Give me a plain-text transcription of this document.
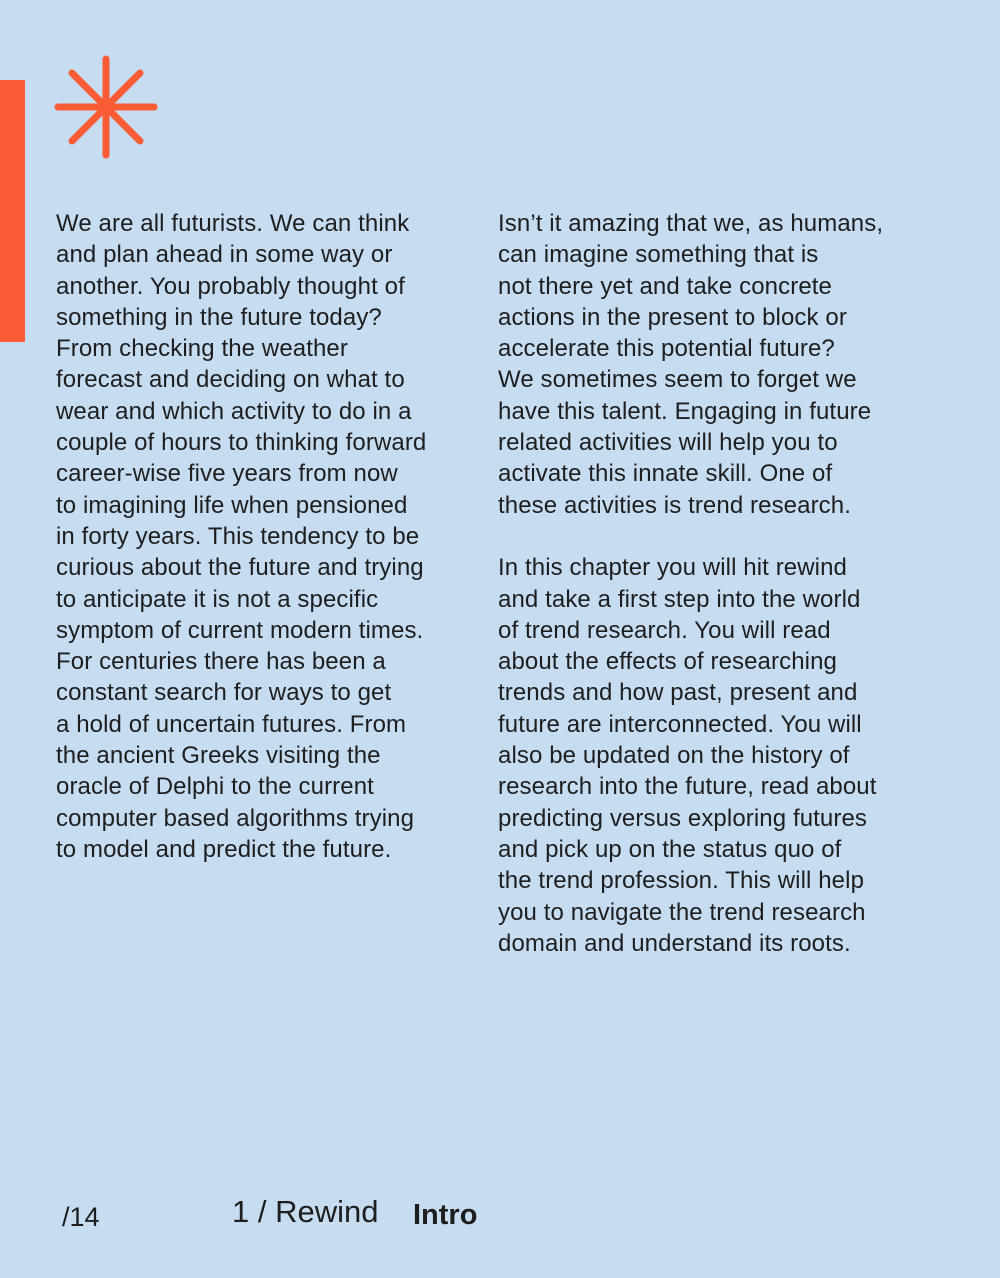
We are all futurists. We can think
and plan ahead in some way or
another. You probably thought of
something in the future today?
From checking the weather
forecast and deciding on what to
wear and which activity to do in a
couple of hours to thinking forward
career-wise five years from now
to imagining life when pensioned
in forty years. This tendency to be
curious about the future and trying
to anticipate it is not a specific
symptom of current modern times.
For centuries there has been a
constant search for ways to get
a hold of uncertain futures. From
the ancient Greeks visiting the
oracle of Delphi to the current
computer based algorithms trying
to model and predict the future.

Isn’t it amazing that we, as humans,
can imagine something that is
not there yet and take concrete
actions in the present to block or
accelerate this potential future?
We sometimes seem to forget we
have this talent. Engaging in future
related activities will help you to
activate this innate skill. One of
these activities is trend research.

In this chapter you will hit rewind
and take a first step into the world
of trend research. You will read
about the effects of researching
trends and how past, present and
future are interconnected. You will
also be updated on the history of
research into the future, read about
predicting versus exploring futures
and pick up on the status quo of
the trend profession. This will help
you to navigate the trend research
domain and understand its roots.

/14	1 / Rewind Intro
